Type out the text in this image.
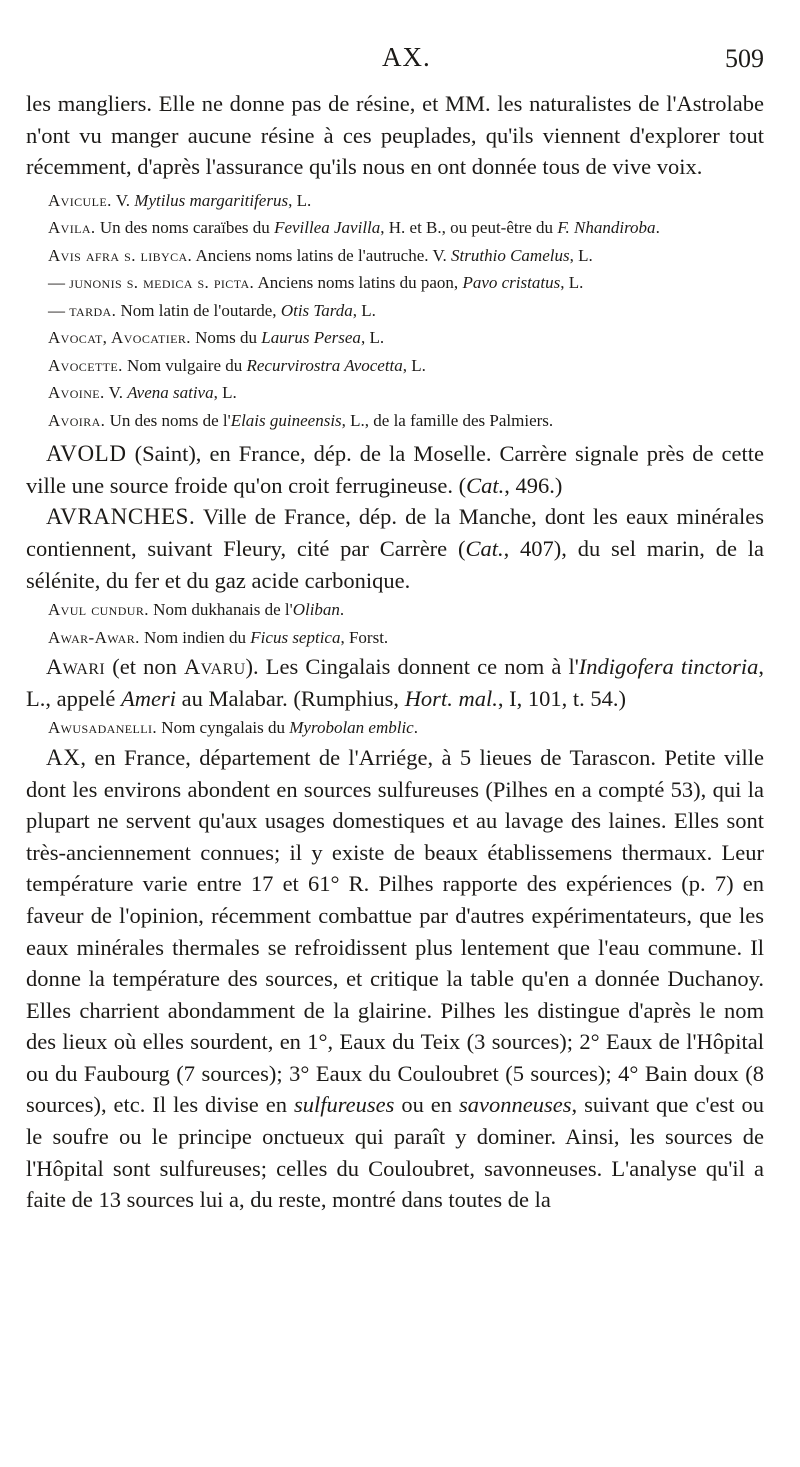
AX.	509

les mangliers. Elle ne donne pas de résine, et MM. les naturalistes de l'Astrolabe n'ont vu manger aucune résine à ces peuplades, qu'ils viennent d'explorer tout récemment, d'après l'assurance qu'ils nous en ont donnée tous de vive voix.

Avicule. V. Mytilus margaritiferus, L.

Avila. Un des noms caraïbes du Fevillea Javilla, H. et B., ou peut-être du F. Nhandiroba.

Avis afra s. libyca. Anciens noms latins de l'autruche. V. Struthio Camelus, L.

— junonis s. medica s. picta. Anciens noms latins du paon, Pavo cristatus, L.

— tarda. Nom latin de l'outarde, Otis Tarda, L.

Avocat, Avocatier. Noms du Laurus Persea, L.

Avocette. Nom vulgaire du Recurvirostra Avocetta, L.

Avoine. V. Avena sativa, L.

Avoira. Un des noms de l'Elais guineensis, L., de la famille des Palmiers.

AVOLD (Saint), en France, dép. de la Moselle. Carrère signale près de cette ville une source froide qu'on croit ferrugineuse. (Cat., 496.)

AVRANCHES. Ville de France, dép. de la Manche, dont les eaux minérales contiennent, suivant Fleury, cité par Carrère (Cat., 407), du sel marin, de la sélénite, du fer et du gaz acide carbonique.

Avul cundur. Nom dukhanais de l'Oliban.

Awar-Awar. Nom indien du Ficus septica, Forst.

Awari (et non Avaru). Les Cingalais donnent ce nom à l'Indigofera tinctoria, L., appelé Ameri au Malabar. (Rumphius, Hort. mal., I, 101, t. 54.)

Awusadanelli. Nom cyngalais du Myrobolan emblic.

AX, en France, département de l'Arriége, à 5 lieues de Tarascon. Petite ville dont les environs abondent en sources sulfureuses (Pilhes en a compté 53), qui la plupart ne servent qu'aux usages domestiques et au lavage des laines. Elles sont très-anciennement connues; il y existe de beaux établissemens thermaux. Leur température varie entre 17 et 61° R. Pilhes rapporte des expériences (p. 7) en faveur de l'opinion, récemment combattue par d'autres expérimentateurs, que les eaux minérales thermales se refroidissent plus lentement que l'eau commune. Il donne la température des sources, et critique la table qu'en a donnée Duchanoy. Elles charrient abondamment de la glairine. Pilhes les distingue d'après le nom des lieux où elles sourdent, en 1°, Eaux du Teix (3 sources); 2° Eaux de l'Hôpital ou du Faubourg (7 sources); 3° Eaux du Couloubret (5 sources); 4° Bain doux (8 sources), etc. Il les divise en sulfureuses ou en savonneuses, suivant que c'est ou le soufre ou le principe onctueux qui paraît y dominer. Ainsi, les sources de l'Hôpital sont sulfureuses; celles du Couloubret, savonneuses. L'analyse qu'il a faite de 13 sources lui a, du reste, montré dans toutes de la
